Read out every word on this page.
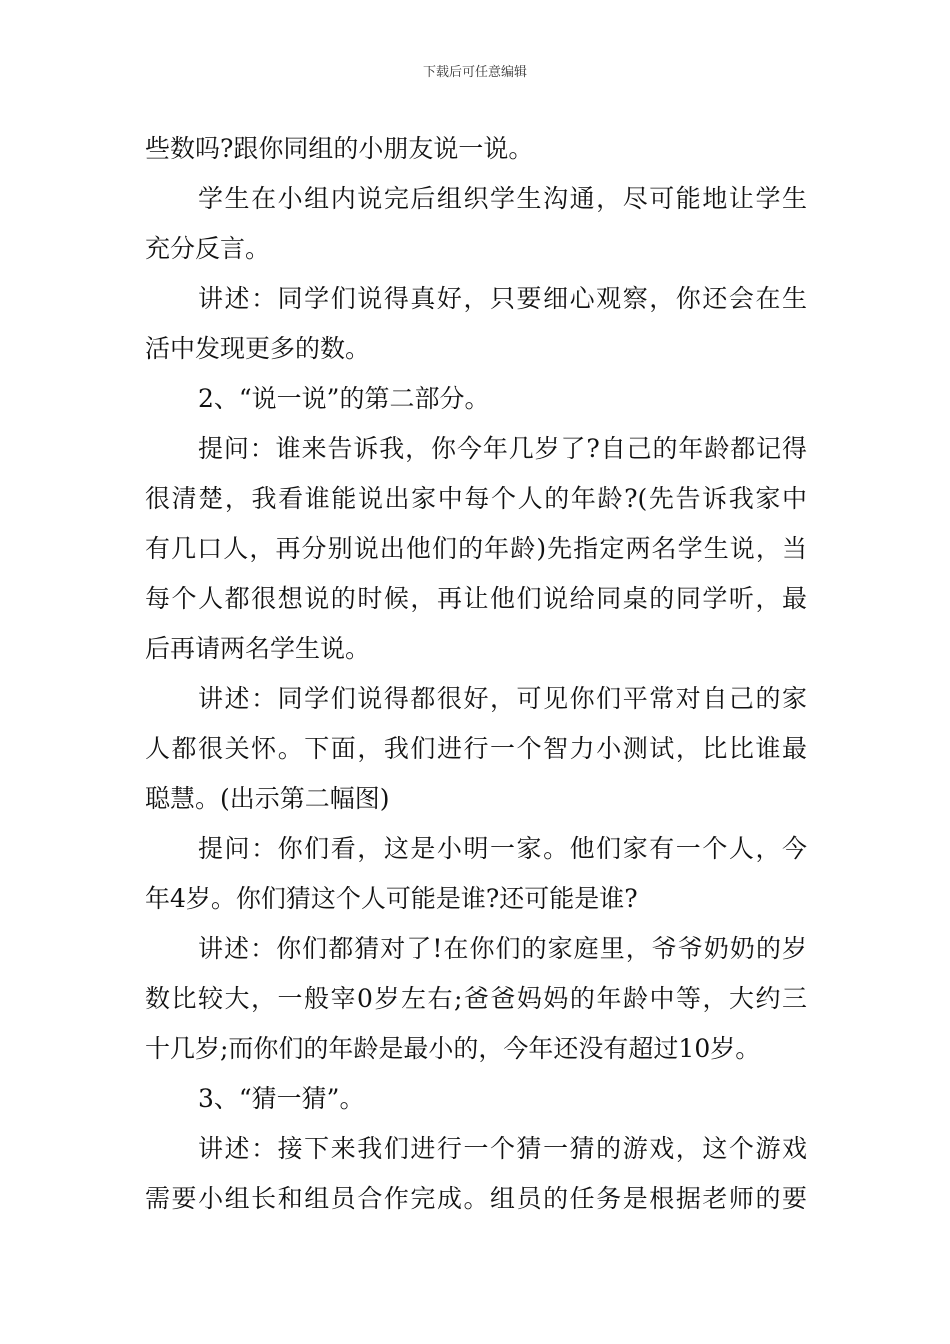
下载后可任意编辑
些数吗?跟你同组的小朋友说一说。
学生在小组内说完后组织学生沟通，尽可能地让学生
充分反言。
讲述：同学们说得真好，只要细心观察，你还会在生
活中发现更多的数。
2、“说一说”的第二部分。
提问：谁来告诉我，你今年几岁了?自己的年龄都记得
很清楚，我看谁能说出家中每个人的年龄?(先告诉我家中
有几口人，再分别说出他们的年龄)先指定两名学生说，当
每个人都很想说的时候，再让他们说给同桌的同学听，最
后再请两名学生说。
讲述：同学们说得都很好，可见你们平常对自己的家
人都很关怀。下面，我们进行一个智力小测试，比比谁最
聪慧。(出示第二幅图)
提问：你们看，这是小明一家。他们家有一个人，今
年4岁。你们猜这个人可能是谁?还可能是谁?
讲述：你们都猜对了!在你们的家庭里，爷爷奶奶的岁
数比较大，一般宰0岁左右;爸爸妈妈的年龄中等，大约三
十几岁;而你们的年龄是最小的，今年还没有超过10岁。
3、“猜一猜”。
讲述：接下来我们进行一个猜一猜的游戏，这个游戏
需要小组长和组员合作完成。组员的任务是根据老师的要
